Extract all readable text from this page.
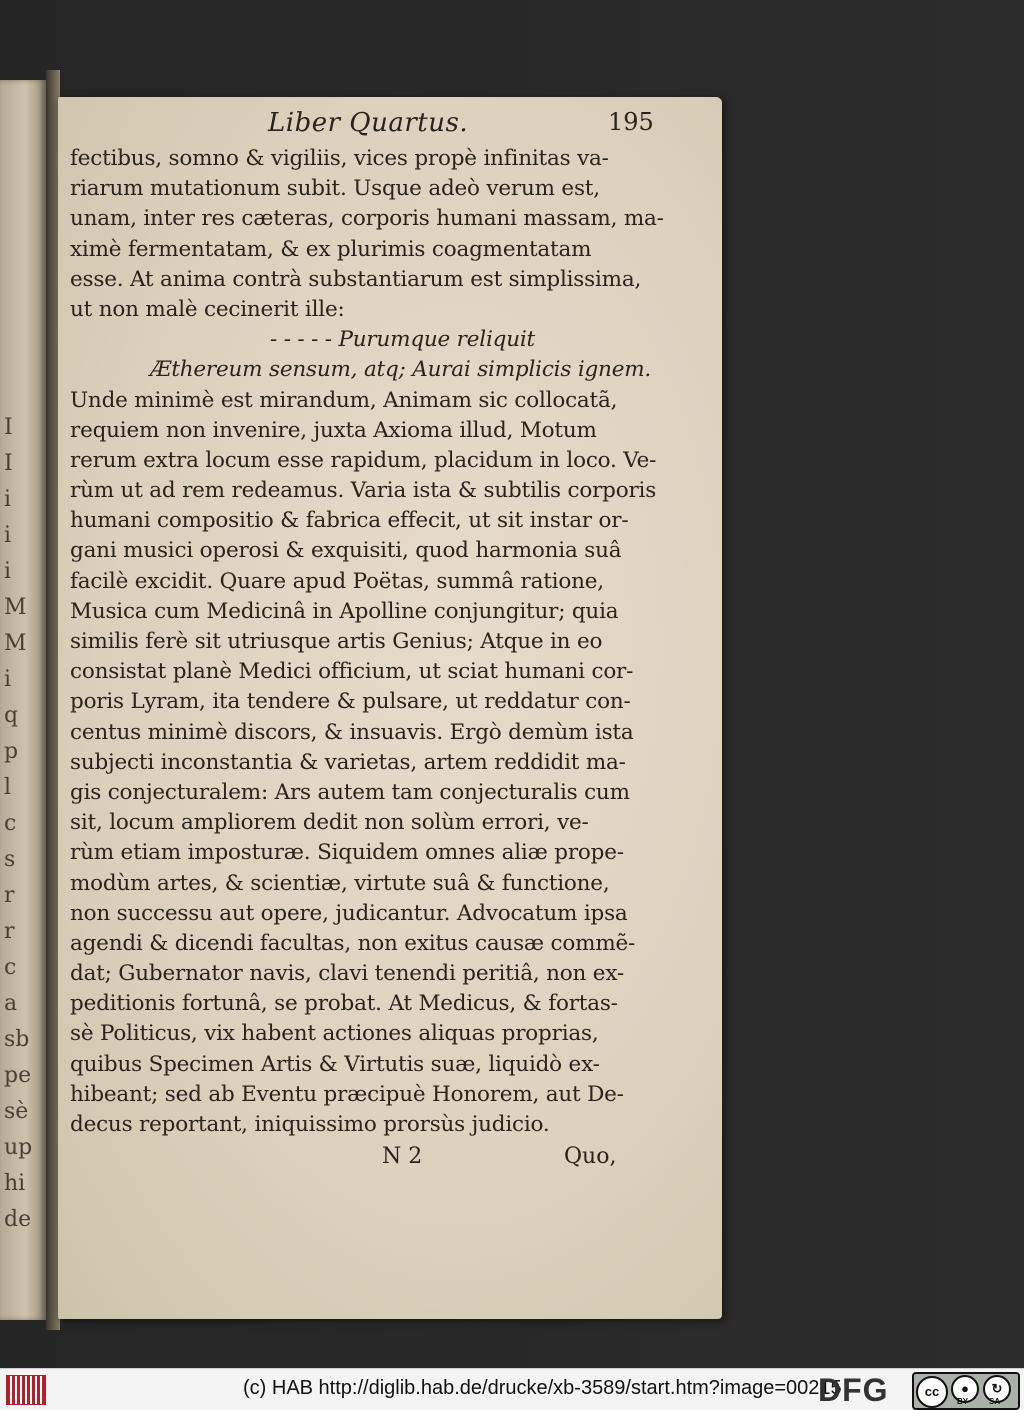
I
I
i
i
i
M
M
i
q
p
l
c
s
r
r
c
a
sb
pe
sè
up
hi
de
Liber Quartus.	195
fectibus, somno & vigiliis, vices propè infinitas va-
riarum mutationum subit. Usque adeò verum est,
unam, inter res cæteras, corporis humani massam, ma-
ximè fermentatam, & ex plurimis coagmentatam
esse. At anima contrà substantiarum est simplissima,
ut non malè cecinerit ille:
- - - - - Purumque reliquit
Æthereum sensum, atq; Aurai simplicis ignem.
Unde minimè est mirandum, Animam sic collocatã,
requiem non invenire, juxta Axioma illud, Motum
rerum extra locum esse rapidum, placidum in loco. Ve-
rùm ut ad rem redeamus. Varia ista & subtilis corporis
humani compositio & fabrica effecit, ut sit instar or-
gani musici operosi & exquisiti, quod harmonia suâ
facilè excidit. Quare apud Poëtas, summâ ratione,
Musica cum Medicinâ in Apolline conjungitur; quia
similis ferè sit utriusque artis Genius; Atque in eo
consistat planè Medici officium, ut sciat humani cor-
poris Lyram, ita tendere & pulsare, ut reddatur con-
centus minimè discors, & insuavis. Ergò demùm ista
subjecti inconstantia & varietas, artem reddidit ma-
gis conjecturalem: Ars autem tam conjecturalis cum
sit, locum ampliorem dedit non solùm errori, ve-
rùm etiam imposturæ. Siquidem omnes aliæ prope-
modùm artes, & scientiæ, virtute suâ & functione,
non successu aut opere, judicantur. Advocatum ipsa
agendi & dicendi facultas, non exitus causæ commẽ-
dat; Gubernator navis, clavi tenendi peritiâ, non ex-
peditionis fortunâ, se probat. At Medicus, & fortas-
sè Politicus, vix habent actiones aliquas proprias,
quibus Specimen Artis & Virtutis suæ, liquidò ex-
hibeant; sed ab Eventu præcipuè Honorem, aut De-
decus reportant, iniquissimo prorsùs judicio.
N 2	Quo,
(c) HAB http://diglib.hab.de/drucke/xb-3589/start.htm?image=00215
DFG	cc	●	↻
BY	SA
